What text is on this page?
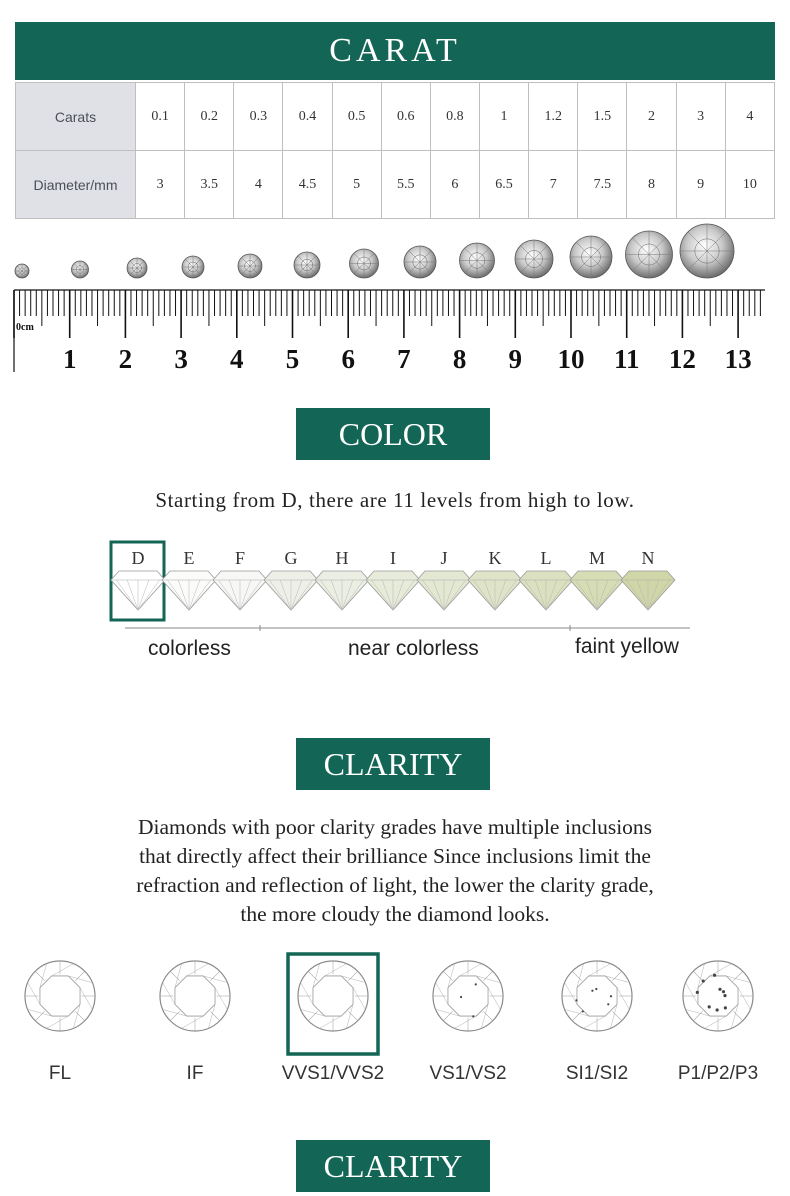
CARAT
Carats	0.1	0.2	0.3	0.4	0.5	0.6	0.8	1	1.2	1.5	2	3	4
Diameter/mm	3	3.5	4	4.5	5	5.5	6	6.5	7	7.5	8	9	10
0cm
1 2 3 4 5 6 7 8 9 10 11 12 13
COLOR
Starting from D, there are 11 levels from high to low.
D	E	F	G	H	I	J	K	L	M	N
colorless	near colorless	faint yellow
CLARITY
Diamonds with poor clarity grades have multiple inclusions
that directly affect their brilliance Since inclusions limit the
refraction and reflection of light, the lower the clarity grade,
the more cloudy the diamond looks.
FL	IF	VVS1/VVS2	VS1/VS2	SI1/SI2	P1/P2/P3
CLARITY
